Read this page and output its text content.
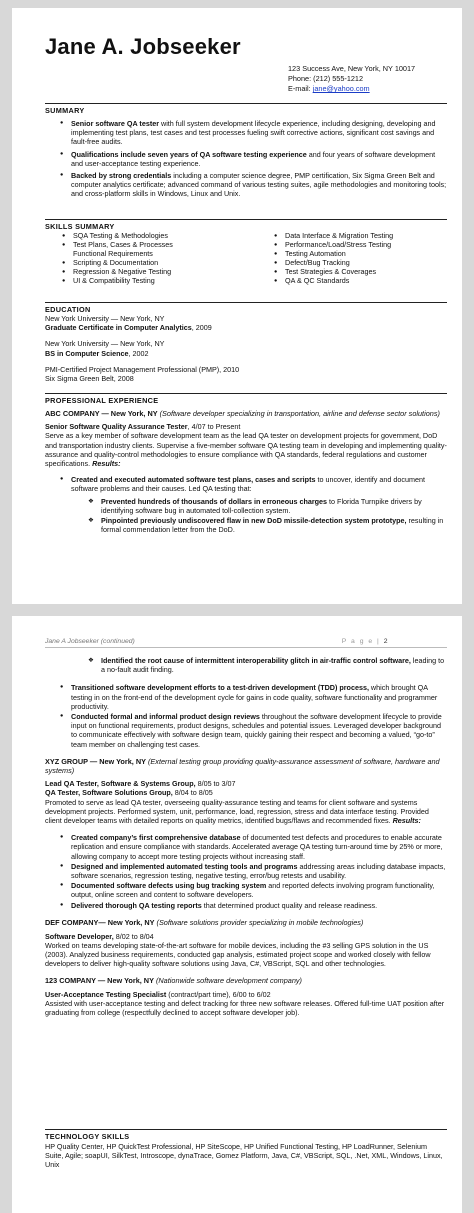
Jane A. Jobseeker
123 Success Ave, New York, NY 10017
Phone: (212) 555-1212
E-mail: jane@yahoo.com
SUMMARY
● Senior software QA tester with full system development lifecycle experience, including designing, developing and implementing test plans, test cases and test processes fueling swift corrective actions, significant cost savings and fault-free audits.
● Qualifications include seven years of QA software testing experience and four years of software development and user-acceptance testing experience.
● Backed by strong credentials including a computer science degree, PMP certification, Six Sigma Green Belt and computer analytics certificate; advanced command of various testing suites, agile methodologies and monitoring tools; and cross-platform skills in Windows, Linux and Unix.
SKILLS SUMMARY
● SQA Testing & Methodologies
● Test Plans, Cases & Processes
Functional Requirements
● Scripting & Documentation
● Regression & Negative Testing
● UI & Compatibility Testing
● Data Interface & Migration Testing
● Performance/Load/Stress Testing
● Testing Automation
● Defect/Bug Tracking
● Test Strategies & Coverages
● QA & QC Standards
EDUCATION
New York University — New York, NY
Graduate Certificate in Computer Analytics, 2009
New York University — New York, NY
BS in Computer Science, 2002
PMI-Certified Project Management Professional (PMP), 2010
Six Sigma Green Belt, 2008
PROFESSIONAL EXPERIENCE
ABC COMPANY — New York, NY (Software developer specializing in transportation, airline and defense sector solutions)
Senior Software Quality Assurance Tester, 4/07 to Present
Serve as a key member of software development team as the lead QA tester on development projects for government, DoD and transportation industry clients. Supervise a five-member software QA testing team in developing and implementing quality-assurance and quality-control methodologies to ensure compliance with QA standards, federal regulations and customer specifications. Results:
● Created and executed automated software test plans, cases and scripts to uncover, identify and document software problems and their causes. Led QA testing that:
❖ Prevented hundreds of thousands of dollars in erroneous charges to Florida Turnpike drivers by identifying software bug in automated toll-collection system.
❖ Pinpointed previously undiscovered flaw in new DoD missile-detection system prototype, resulting in formal commendation letter from the DoD.
Jane A Jobseeker (continued)	P a g e | 2
❖ Identified the root cause of intermittent interoperability glitch in air-traffic control software, leading to a no-fault audit finding.
● Transitioned software development efforts to a test-driven development (TDD) process, which brought QA testing in on the front-end of the development cycle for gains in code quality, software functionality and programmer productivity.
● Conducted formal and informal product design reviews throughout the software development lifecycle to provide input on functional requirements, product designs, schedules and potential issues. Leveraged developer background to communicate effectively with software design team, quickly gaining their respect and becoming a valued, “go-to” team member on challenging test cases.
XYZ GROUP — New York, NY (External testing group providing quality-assurance assessment of software, hardware and systems)
Lead QA Tester, Software & Systems Group, 8/05 to 3/07
QA Tester, Software Solutions Group, 8/04 to 8/05
Promoted to serve as lead QA tester, overseeing quality-assurance testing and teams for client software and systems development projects. Performed system, unit, performance, load, regression, stress and data interface testing. Provided client developer teams with detailed reports on quality metrics, identified bugs/flaws and recommended fixes. Results:
● Created company’s first comprehensive database of documented test defects and procedures to enable accurate replication and ensure compliance with standards. Accelerated average QA testing turn-around time by 25% or more, allowing company to accept more testing projects without increasing staff.
● Designed and implemented automated testing tools and programs addressing areas including database impacts, software scenarios, regression testing, negative testing, error/bug retests and usability.
● Documented software defects using bug tracking system and reported defects involving program functionality, output, online screen and content to software developers.
● Delivered thorough QA testing reports that determined product quality and release readiness.
DEF COMPANY— New York, NY (Software solutions provider specializing in mobile technologies)
Software Developer, 8/02 to 8/04
Worked on teams developing state-of-the-art software for mobile devices, including the #3 selling GPS solution in the US (2003). Analyzed business requirements, conducted gap analysis, estimated project scope and worked closely with fellow developers to deliver high-quality software solutions using Java, C#, VBScript, SQL and other technologies.
123 COMPANY — New York, NY (Nationwide software development company)
User-Acceptance Testing Specialist (contract/part time), 6/00 to 6/02
Assisted with user-acceptance testing and defect tracking for three new software releases. Offered full-time UAT position after graduating from college (respectfully declined to accept software developer job).
TECHNOLOGY SKILLS
HP Quality Center, HP QuickTest Professional, HP SiteScope, HP Unified Functional Testing, HP LoadRunner, Selenium Suite, Agile; soapUI, SilkTest, Introscope, dynaTrace, Gomez Platform, Java, C#, VBScript, SQL, .Net, XML, Windows, Linux, Unix
